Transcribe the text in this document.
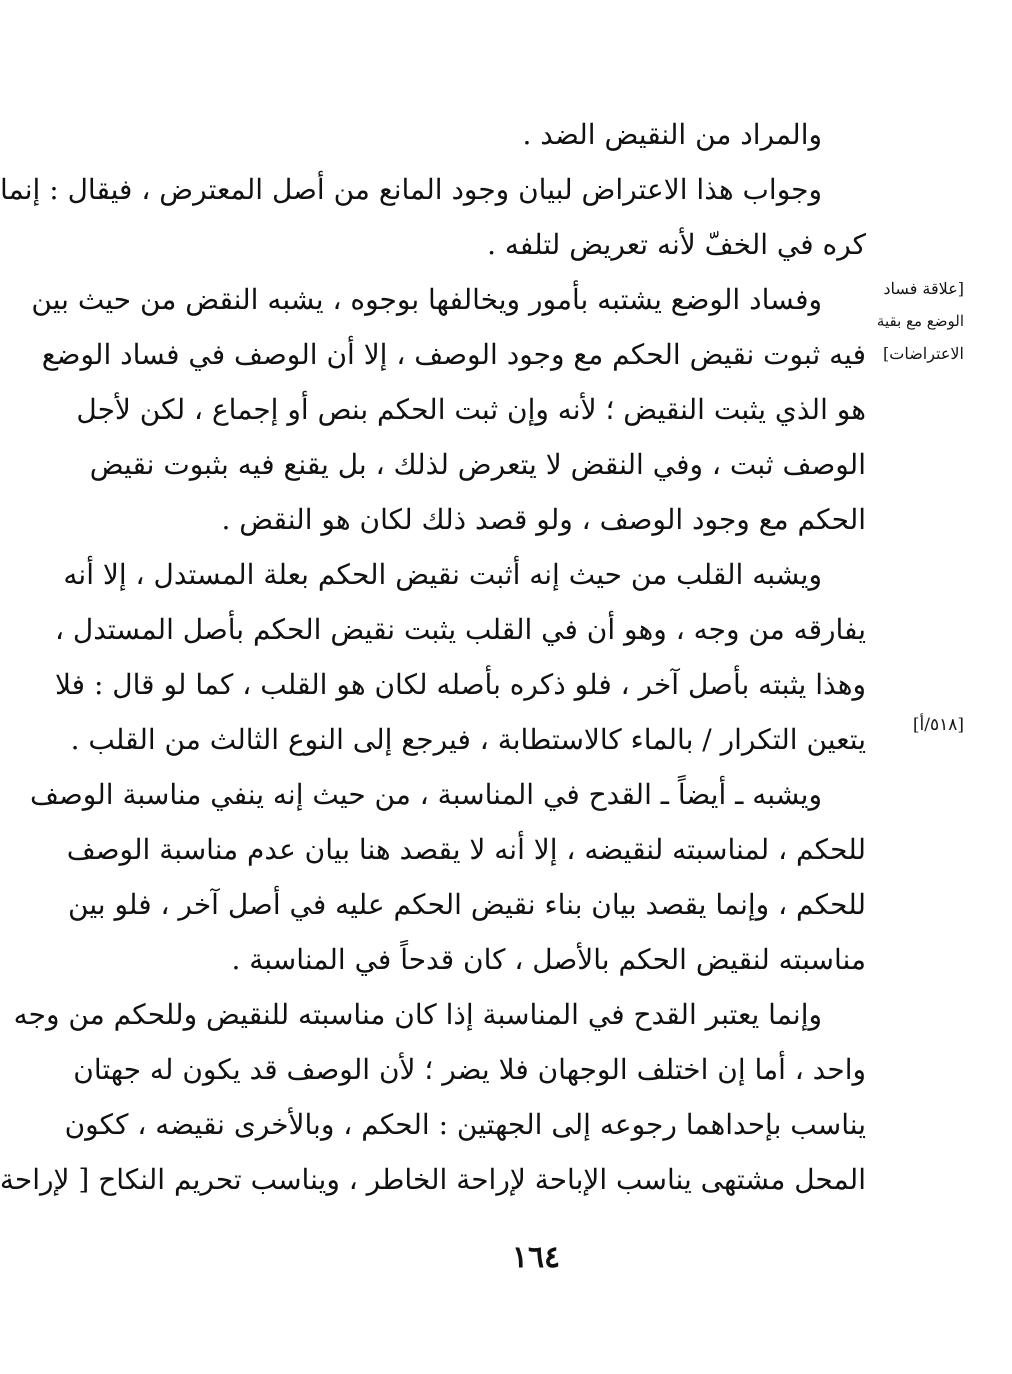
والمراد من النقيض الضد .
وجواب هذا الاعتراض لبيان وجود المانع من أصل المعترض ، فيقال : إنما
كره في الخفّ لأنه تعريض لتلفه .
[علاقة فساد
الوضع مع بقية
الاعتراضات]
وفساد الوضع يشتبه بأمور ويخالفها بوجوه ، يشبه النقض من حيث بين
فيه ثبوت نقيض الحكم مع وجود الوصف ، إلا أن الوصف في فساد الوضع
هو الذي يثبت النقيض ؛ لأنه وإن ثبت الحكم بنص أو إجماع ، لكن لأجل
الوصف ثبت ، وفي النقض لا يتعرض لذلك ، بل يقنع فيه بثبوت نقيض
الحكم مع وجود الوصف ، ولو قصد ذلك لكان هو النقض .
ويشبه القلب من حيث إنه أثبت نقيض الحكم بعلة المستدل ، إلا أنه
يفارقه من وجه ، وهو أن في القلب يثبت نقيض الحكم بأصل المستدل ،
وهذا يثبته بأصل آخر ، فلو ذكره بأصله لكان هو القلب ، كما لو قال : فلا
[٥١٨/أ]
يتعين التكرار / بالماء كالاستطابة ، فيرجع إلى النوع الثالث من القلب .
ويشبه ـ أيضاً ـ القدح في المناسبة ، من حيث إنه ينفي مناسبة الوصف
للحكم ، لمناسبته لنقيضه ، إلا أنه لا يقصد هنا بيان عدم مناسبة الوصف
للحكم ، وإنما يقصد بيان بناء نقيض الحكم عليه في أصل آخر ، فلو بين
مناسبته لنقيض الحكم بالأصل ، كان قدحاً في المناسبة .
وإنما يعتبر القدح في المناسبة إذا كان مناسبته للنقيض وللحكم من وجه
واحد ، أما إن اختلف الوجهان فلا يضر ؛ لأن الوصف قد يكون له جهتان
يناسب بإحداهما رجوعه إلى الجهتين : الحكم ، وبالأخرى نقيضه ، ككون
المحل مشتهى يناسب الإباحة لإراحة الخاطر ، ويناسب تحريم النكاح [ لإراحة
١٦٤
